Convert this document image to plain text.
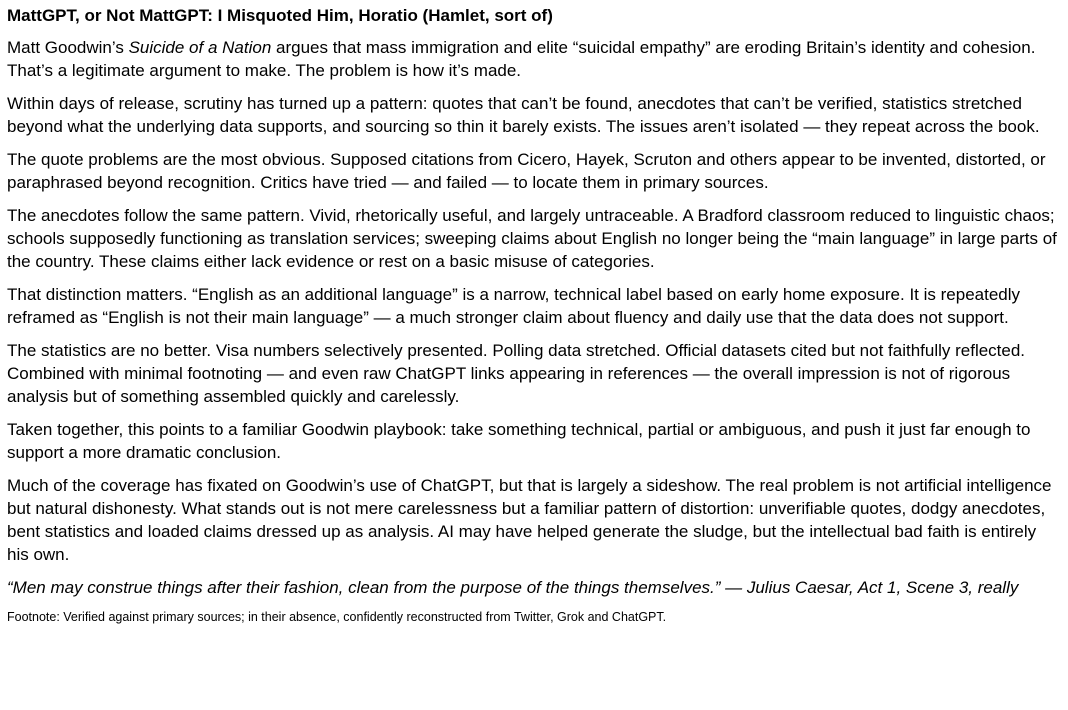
MattGPT, or Not MattGPT: I Misquoted Him, Horatio (Hamlet, sort of)

Matt Goodwin’s Suicide of a Nation argues that mass immigration and elite “suicidal empathy” are eroding Britain’s identity and cohesion. That’s a legitimate argument to make. The problem is how it’s made.

Within days of release, scrutiny has turned up a pattern: quotes that can’t be found, anecdotes that can’t be verified, statistics stretched beyond what the underlying data supports, and sourcing so thin it barely exists. The issues aren’t isolated — they repeat across the book.

The quote problems are the most obvious. Supposed citations from Cicero, Hayek, Scruton and others appear to be invented, distorted, or paraphrased beyond recognition. Critics have tried — and failed — to locate them in primary sources.

The anecdotes follow the same pattern. Vivid, rhetorically useful, and largely untraceable. A Bradford classroom reduced to linguistic chaos; schools supposedly functioning as translation services; sweeping claims about English no longer being the “main language” in large parts of the country. These claims either lack evidence or rest on a basic misuse of categories.

That distinction matters. “English as an additional language” is a narrow, technical label based on early home exposure. It is repeatedly reframed as “English is not their main language” — a much stronger claim about fluency and daily use that the data does not support.

The statistics are no better. Visa numbers selectively presented. Polling data stretched. Official datasets cited but not faithfully reflected. Combined with minimal footnoting — and even raw ChatGPT links appearing in references — the overall impression is not of rigorous analysis but of something assembled quickly and carelessly.

Taken together, this points to a familiar Goodwin playbook: take something technical, partial or ambiguous, and push it just far enough to support a more dramatic conclusion.

Much of the coverage has fixated on Goodwin’s use of ChatGPT, but that is largely a sideshow. The real problem is not artificial intelligence but natural dishonesty. What stands out is not mere carelessness but a familiar pattern of distortion: unverifiable quotes, dodgy anecdotes, bent statistics and loaded claims dressed up as analysis. AI may have helped generate the sludge, but the intellectual bad faith is entirely his own.

“Men may construe things after their fashion, clean from the purpose of the things themselves.” — Julius Caesar, Act 1, Scene 3, really

Footnote: Verified against primary sources; in their absence, confidently reconstructed from Twitter, Grok and ChatGPT.
